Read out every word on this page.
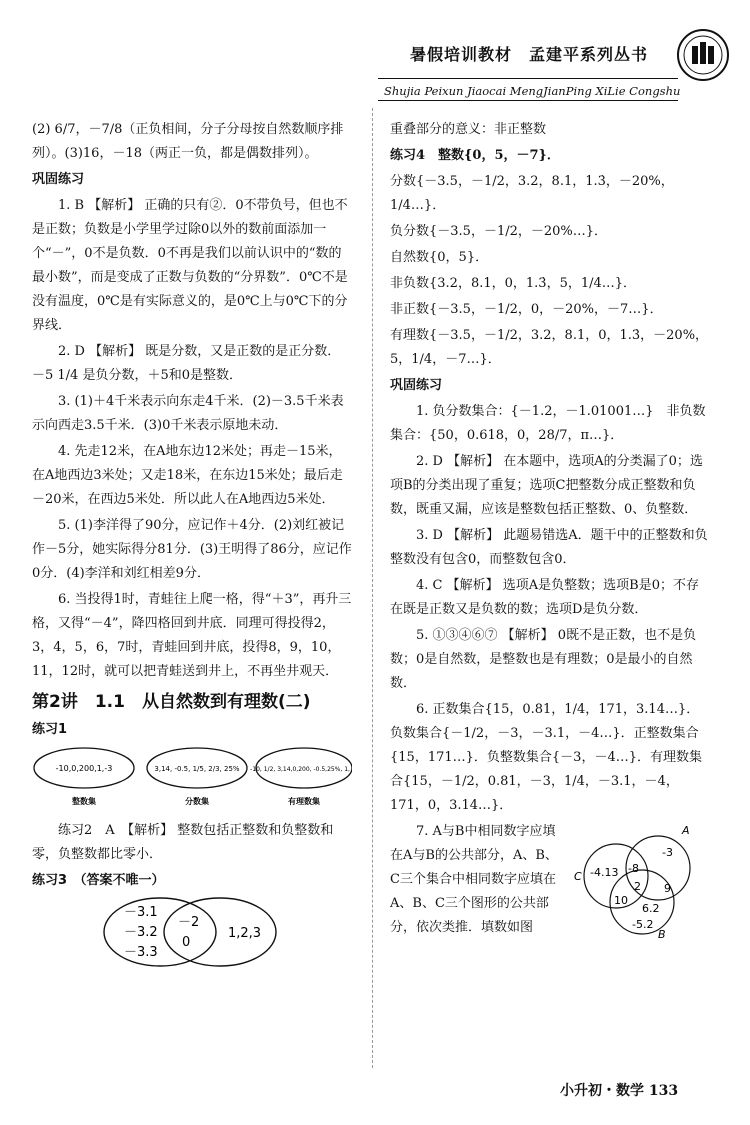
暑假培训教材　孟建平系列丛书
Shujia Peixun Jiaocai MengJianPing XiLie Congshu

(2) 6/7，－7/8（正负相间，分子分母按自然数顺序排列）。(3)16，－18（两正一负，都是偶数排列）。

巩固练习

1. B 【解析】 正确的只有②．0不带负号，但也不是正数；负数是小学里学过除0以外的数前面添加一个“－”，0不是负数．0不再是我们以前认识中的“数的最小数”，而是变成了正数与负数的“分界数”．0℃不是没有温度，0℃是有实际意义的，是0℃上与0℃下的分界线．

2. D 【解析】 既是分数，又是正数的是正分数．－5 1/4 是负分数，＋5和0是整数．

3. (1)＋4千米表示向东走4千米．(2)－3.5千米表示向西走3.5千米．(3)0千米表示原地未动．

4. 先走12米，在A地东边12米处；再走－15米，在A地西边3米处；又走18米，在东边15米处；最后走－20米，在西边5米处．所以此人在A地西边5米处．

5. (1)李洋得了90分，应记作＋4分．(2)刘红被记作－5分，她实际得分81分．(3)王明得了86分，应记作0分．(4)李洋和刘红相差9分．

6. 当投得1时，青蛙往上爬一格，得“＋3”，再升三格，又得“－4”，降四格回到井底．同理可得投得2，3，4，5，6，7时，青蛙回到井底，投得8，9，10，11，12时，就可以把青蛙送到井上，不再坐井观天．

第2讲　1.1　从自然数到有理数(二)

练习1

-10,0,200,1,-3	3,14, -0.5, 1/5, 2/3, 25% -10, 1/2, 3,14,0,200, -0.5,25%, 1, -3
整数集	分数集	有理数集

练习2　A　【解析】 整数包括正整数和负整数和零，负整数都比零小．

练习3　（答案不唯一）

－3.1
－3.2
－3.3
－2
0
1,2,3

重叠部分的意义：非正整数

练习4　整数{0，5，－7}．

分数{－3.5，－1/2，3.2，8.1，1.3̇，－20%，1/4…}．

负分数{－3.5，－1/2，－20%…}．

自然数{0，5}．

非负数{3.2，8.1，0，1.3̇，5，1/4…}．

非正数{－3.5，－1/2，0，－20%，－7…}．

有理数{－3.5，－1/2，3.2，8.1，0，1.3̇，－20%，5，1/4，－7…}．

巩固练习

1. 负分数集合：{－1.2，－1.01001…}　非负数集合：{50，0.618，0，28/7，π…}．

2. D 【解析】 在本题中，选项A的分类漏了0；选项B的分类出现了重复；选项C把整数分成正整数和负数，既重又漏，应该是整数包括正整数、0、负整数．

3. D 【解析】 此题易错选A．题干中的正整数和负整数没有包含0，而整数包含0．

4. C 【解析】 选项A是负整数；选项B是0；不存在既是正数又是负数的数；选项D是负分数．

5. ①③④⑥⑦ 【解析】 0既不是正数，也不是负数；0是自然数，是整数也是有理数；0是最小的自然数．

6. 正数集合{15，0.81，1/4，171，3.14…}．负数集合{－1/2，－3，－3.1，－4…}．正整数集合{15，171…}．负整数集合{－3，－4…}．有理数集合{15，－1/2，0.81，－3，1/4，－3.1，－4，171，0，3.14…}．

7. A与B中相同数字应填在A与B的公共部分，A、B、C三个集合中相同数字应填在A、B、C三个图形的公共部分，依次类推．填数如图

A
B
C
-3
-4.13 -8
9
10
6.2
2
-5.2
小升初・数学 133
